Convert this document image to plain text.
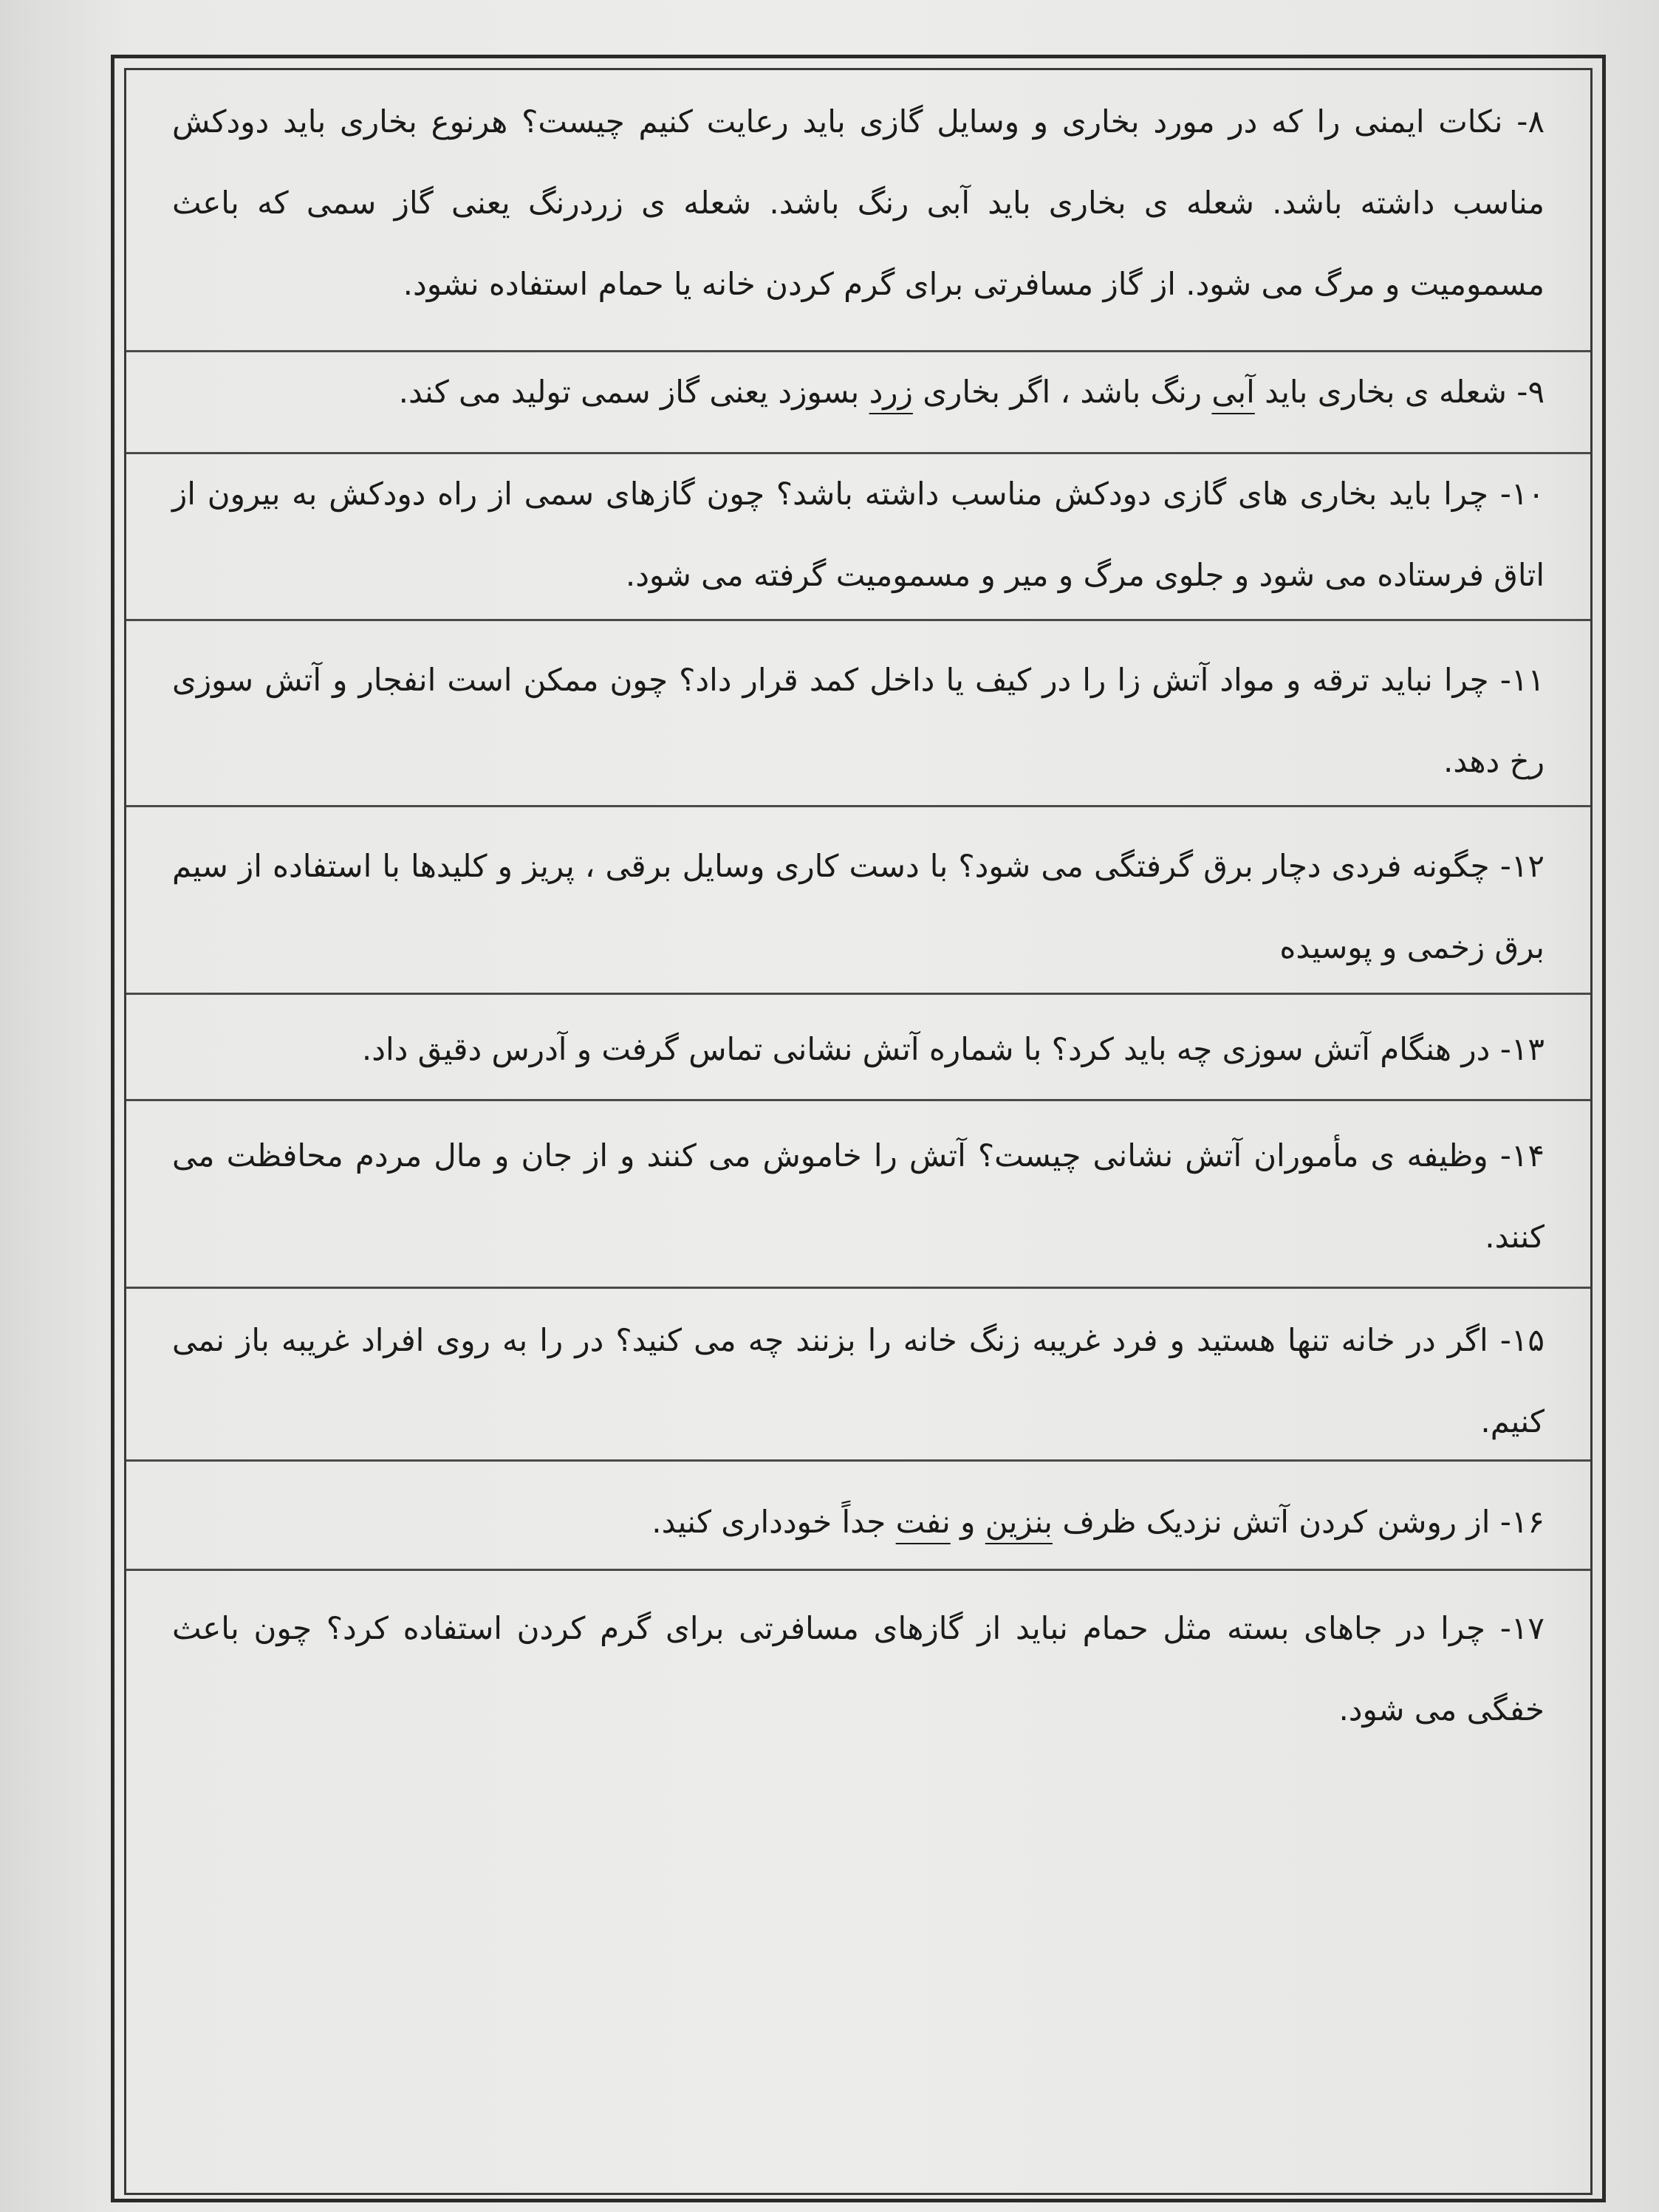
۸- نکات ایمنی را که در مورد بخاری و وسایل گازی باید رعایت کنیم چیست؟ هرنوع بخاری باید دودکش مناسب داشته باشد. شعله ی بخاری باید آبی رنگ باشد. شعله ی زردرنگ یعنی گاز سمی که باعث مسمومیت و مرگ می شود. از گاز مسافرتی برای گرم کردن خانه یا حمام استفاده نشود.
۹- شعله ی بخاری باید آبی رنگ باشد ، اگر بخاری زرد بسوزد یعنی گاز سمی تولید می کند.
۱۰- چرا باید بخاری های گازی دودکش مناسب داشته باشد؟ چون گازهای سمی از راه دودکش به بیرون از اتاق فرستاده می شود و جلوی مرگ و میر و مسمومیت گرفته می شود.
۱۱- چرا نباید ترقه و مواد آتش زا را در کیف یا داخل کمد قرار داد؟ چون ممکن است انفجار و آتش سوزی رخ دهد.
۱۲- چگونه فردی دچار برق گرفتگی می شود؟ با دست کاری وسایل برقی ، پریز و کلیدها با استفاده از سیم برق زخمی و پوسیده
۱۳- در هنگام آتش سوزی چه باید کرد؟ با شماره آتش نشانی تماس گرفت و آدرس دقیق داد.
۱۴- وظیفه ی مأموران آتش نشانی چیست؟ آتش را خاموش می کنند و از جان و مال مردم محافظت می کنند.
۱۵- اگر در خانه تنها هستید و فرد غریبه زنگ خانه را بزنند چه می کنید؟ در را به روی افراد غریبه باز نمی کنیم.
۱۶- از روشن کردن آتش نزدیک ظرف بنزین و نفت جداً خودداری کنید.
۱۷- چرا در جاهای بسته مثل حمام نباید از گازهای مسافرتی برای گرم کردن استفاده کرد؟ چون باعث خفگی می شود.
